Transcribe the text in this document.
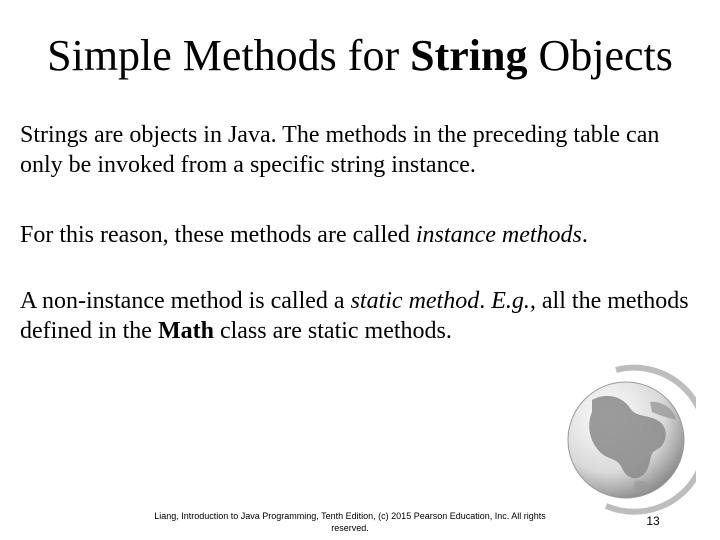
Simple Methods for String Objects
Strings are objects in Java. The methods in the preceding table can only be invoked from a specific string instance.
For this reason, these methods are called instance methods.
A non-instance method is called a static method. E.g., all the methods defined in the Math class are static methods.
Liang, Introduction to Java Programming, Tenth Edition, (c) 2015 Pearson Education, Inc. All rights reserved.	13
